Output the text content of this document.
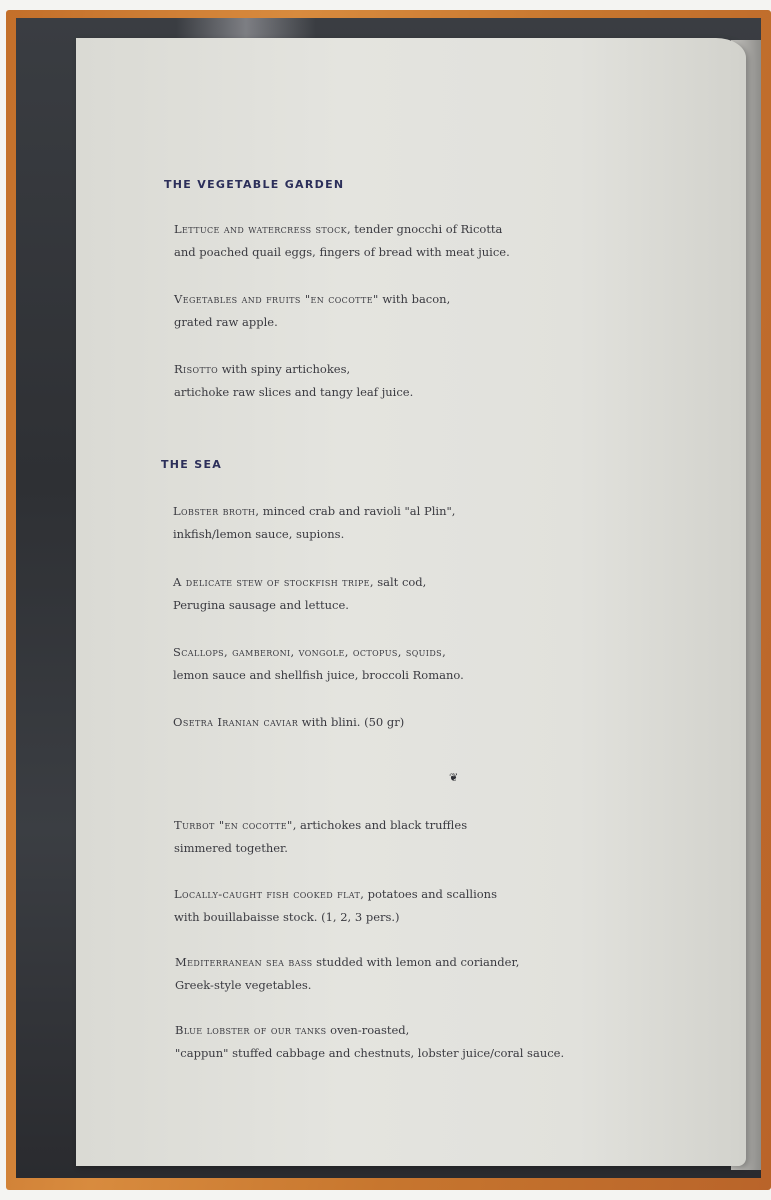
THE VEGETABLE GARDEN
Lettuce and watercress stock, tender gnocchi of Ricotta
and poached quail eggs, fingers of bread with meat juice.
Vegetables and fruits "en cocotte" with bacon,
grated raw apple.
Risotto with spiny artichokes,
artichoke raw slices and tangy leaf juice.
THE SEA
Lobster broth, minced crab and ravioli "al Plin",
inkfish/lemon sauce, supions.
A delicate stew of stockfish tripe, salt cod,
Perugina sausage and lettuce.
Scallops, gamberoni, vongole, octopus, squids,
lemon sauce and shellfish juice, broccoli Romano.
Osetra Iranian caviar with blini. (50 gr)
❦
Turbot "en cocotte", artichokes and black truffles
simmered together.
Locally-caught fish cooked flat, potatoes and scallions
with bouillabaisse stock. (1, 2, 3 pers.)
Mediterranean sea bass studded with lemon and coriander,
Greek-style vegetables.
Blue lobster of our tanks oven-roasted,
"cappun" stuffed cabbage and chestnuts, lobster juice/coral sauce.
